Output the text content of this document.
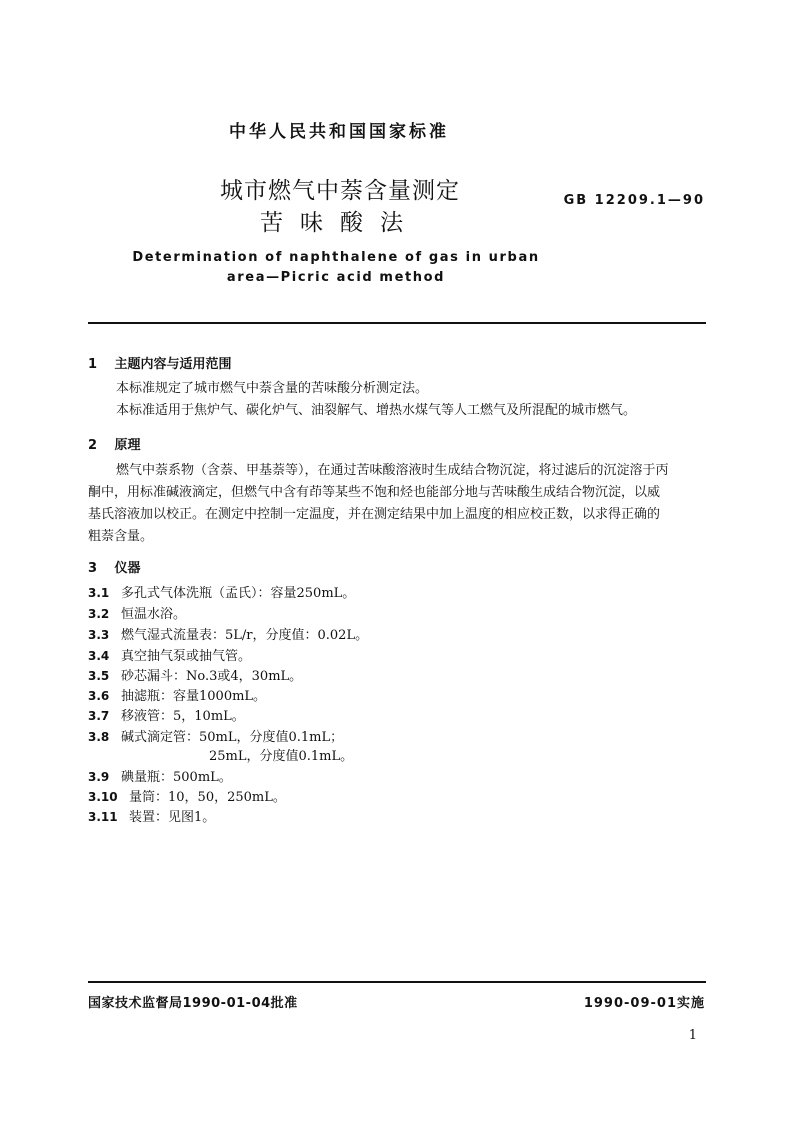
中华人民共和国国家标准
城市燃气中萘含量测定
苦味酸法
GB 12209.1—90
Determination of naphthalene of gas in urban
area—Picric acid method
1 主题内容与适用范围
本标准规定了城市燃气中萘含量的苦味酸分析测定法。
本标准适用于焦炉气、碳化炉气、油裂解气、增热水煤气等人工燃气及所混配的城市燃气。
2 原理
燃气中萘系物（含萘、甲基萘等），在通过苦味酸溶液时生成结合物沉淀，将过滤后的沉淀溶于丙
酮中，用标准碱液滴定，但燃气中含有茚等某些不饱和烃也能部分地与苦味酸生成结合物沉淀，以威
基氏溶液加以校正。在测定中控制一定温度，并在测定结果中加上温度的相应校正数，以求得正确的
粗萘含量。
3 仪器
3.1 多孔式气体洗瓶（孟氏）：容量250mL。
3.2 恒温水浴。
3.3 燃气湿式流量表：5L/r，分度值：0.02L。
3.4 真空抽气泵或抽气管。
3.5 砂芯漏斗：No.3或4，30mL。
3.6 抽滤瓶：容量1000mL。
3.7 移液管：5，10mL。
3.8 碱式滴定管：50mL，分度值0.1mL；
25mL，分度值0.1mL。
3.9 碘量瓶：500mL。
3.10 量筒：10，50，250mL。
3.11 装置：见图1。
国家技术监督局1990-01-04批准	1990-09-01实施
1
